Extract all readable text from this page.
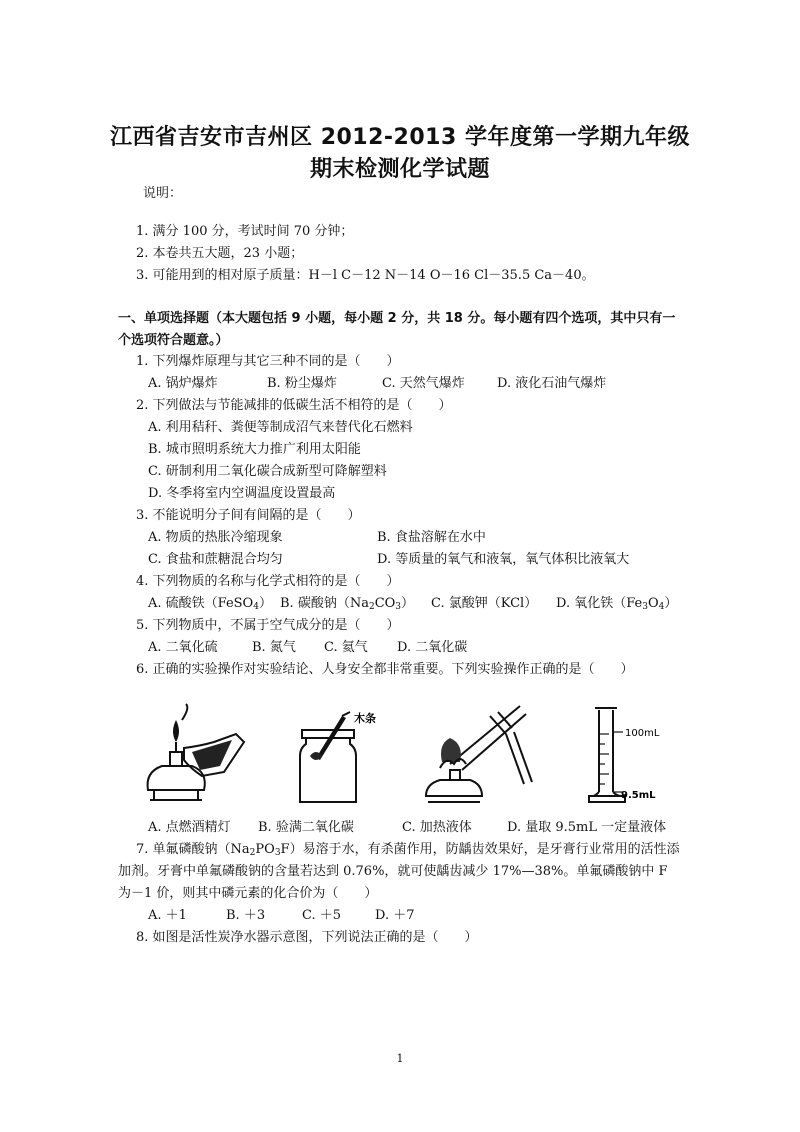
江西省吉安市吉州区 2012-2013 学年度第一学期九年级
期末检测化学试题
说明：
1. 满分 100 分，考试时间 70 分钟；
2. 本卷共五大题，23 小题；
3. 可能用到的相对原子质量：H－l C－12 N－14 O－16 Cl－35.5 Ca－40。
一、单项选择题（本大题包括 9 小题，每小题 2 分，共 18 分。每小题有四个选项，其中只有一
个选项符合题意。）
1. 下列爆炸原理与其它三种不同的是（　　）
A. 锅炉爆炸	B. 粉尘爆炸	C. 天然气爆炸 D. 液化石油气爆炸
2. 下列做法与节能减排的低碳生活不相符的是（　　）
A. 利用秸秆、粪便等制成沼气来替代化石燃料
B. 城市照明系统大力推广利用太阳能
C. 研制利用二氧化碳合成新型可降解塑料
D. 冬季将室内空调温度设置最高
3. 不能说明分子间有间隔的是（　　）
A. 物质的热胀冷缩现象	B. 食盐溶解在水中
C. 食盐和蔗糖混合均匀	D. 等质量的氧气和液氧，氧气体积比液氧大
4. 下列物质的名称与化学式相符的是（　　）
A. 硫酸铁（FeSO$_4$） B. 碳酸钠$(Na_2CO_3)$ C. 氯酸钾（KCl） D. 氧化铁$(Fe_3O_4)$
5. 下列物质中，不属于空气成分的是（　　）
A. 二氧化硫	B. 氮气 C. 氦气 D. 二氧化碳
6. 正确的实验操作对实验结论、人身安全都非常重要。下列实验操作正确的是（　　）
木条
100mL
9.5mL
A. 点燃酒精灯 B. 验满二氧化碳	C. 加热液体	D. 量取 9.5mL 一定量液体
7. 单氟磷酸钠$(Na_2PO_3F)$易溶于水，有杀菌作用，防龋齿效果好，是牙膏行业常用的活性添
加剂。牙膏中单氟磷酸钠的含量若达到 0.76%，就可使龋齿减少 17%—38%。单氟磷酸钠中 F
为－1 价，则其中磷元素的化合价为（　　）
A. ＋1	B. ＋3	C. ＋5	D. ＋7
8. 如图是活性炭净水器示意图，下列说法正确的是（　　）
1
